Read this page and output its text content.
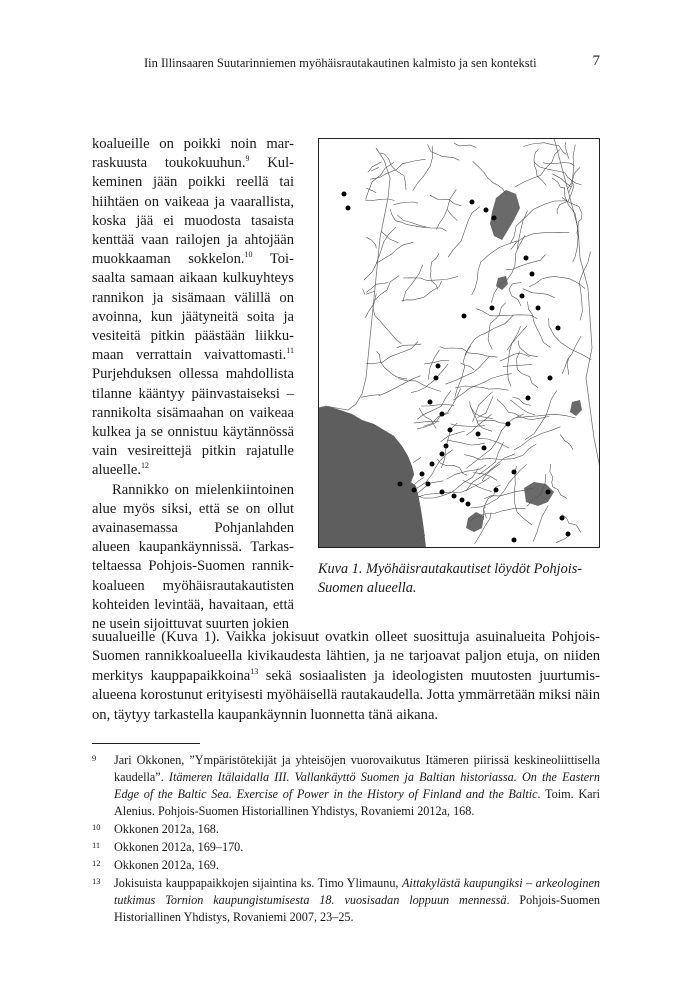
Iin Illinsaaren Suutarinniemen myöhäisrautakautinen kalmisto ja sen konteksti	7

koalueille on poikki noin marraskuusta toukokuuhun.$^9$ Kulkeminen jään poikki reellä tai hiihtäen on vaikeaa ja vaarallista, koska jää ei muodosta tasaista kenttää vaan railojen ja ahtojään muokkaaman sokkelon.$^{10}$ Toisaalta samaan aikaan kulkuyhteys rannikon ja sisämaan välillä on avoinna, kun jäätyneitä soita ja vesiteitä pitkin päästään liikkumaan verrattain vaivattomasti.$^{11}$ Purjehduksen ollessa mahdollista tilanne kääntyy päinvastaiseksi – rannikolta sisämaahan on vaikeaa kulkea ja se onnistuu käytännössä vain vesireittejä pitkin rajatulle alueelle.$^{12}$

Rannikko on mielenkiintoinen alue myös siksi, että se on ollut avainasemassa Pohjanlahden alueen kaupankäynnissä. Tarkasteltaessa Pohjois-Suomen rannikkoalueen myöhäisrautakautisten kohteiden levintää, havaitaan, että ne usein sijoittuvat suurten jokien

suualueille (Kuva 1). Vaikka jokisuut ovatkin olleet suosittuja asuinalueita Pohjois-Suomen rannikkoalueella kivikaudesta lähtien, ja ne tarjoavat paljon etuja, on niiden merkitys kauppapaikkoina$^{13}$ sekä sosiaalisten ja ideologisten muutosten juurtumisalueena korostunut erityisesti myöhäisellä rautakaudella. Jotta ymmärretään miksi näin on, täytyy tarkastella kaupankäynnin luonnetta tänä aikana.

Kuva 1. Myöhäisrautakautiset löydöt Pohjois-Suomen alueella.
9 Jari Okkonen, ”Ympäristötekijät ja yhteisöjen vuorovaikutus Itämeren piirissä keskineoliittisella kaudella”. Itämeren Itälaidalla III. Vallankäyttö Suomen ja Baltian historiassa. On the Eastern Edge of the Baltic Sea. Exercise of Power in the History of Finland and the Baltic. Toim. Kari Alenius. Pohjois-Suomen Historiallinen Yhdistys, Rovaniemi 2012a, 168.
10 Okkonen 2012a, 168.
11 Okkonen 2012a, 169–170.
12 Okkonen 2012a, 169.
13 Jokisuista kauppapaikkojen sijaintina ks. Timo Ylimaunu, Aittakylästä kaupungiksi – arkeologinen tutkimus Tornion kaupungistumisesta 18. vuosisadan loppuun mennessä. Pohjois-Suomen Historiallinen Yhdistys, Rovaniemi 2007, 23–25.
